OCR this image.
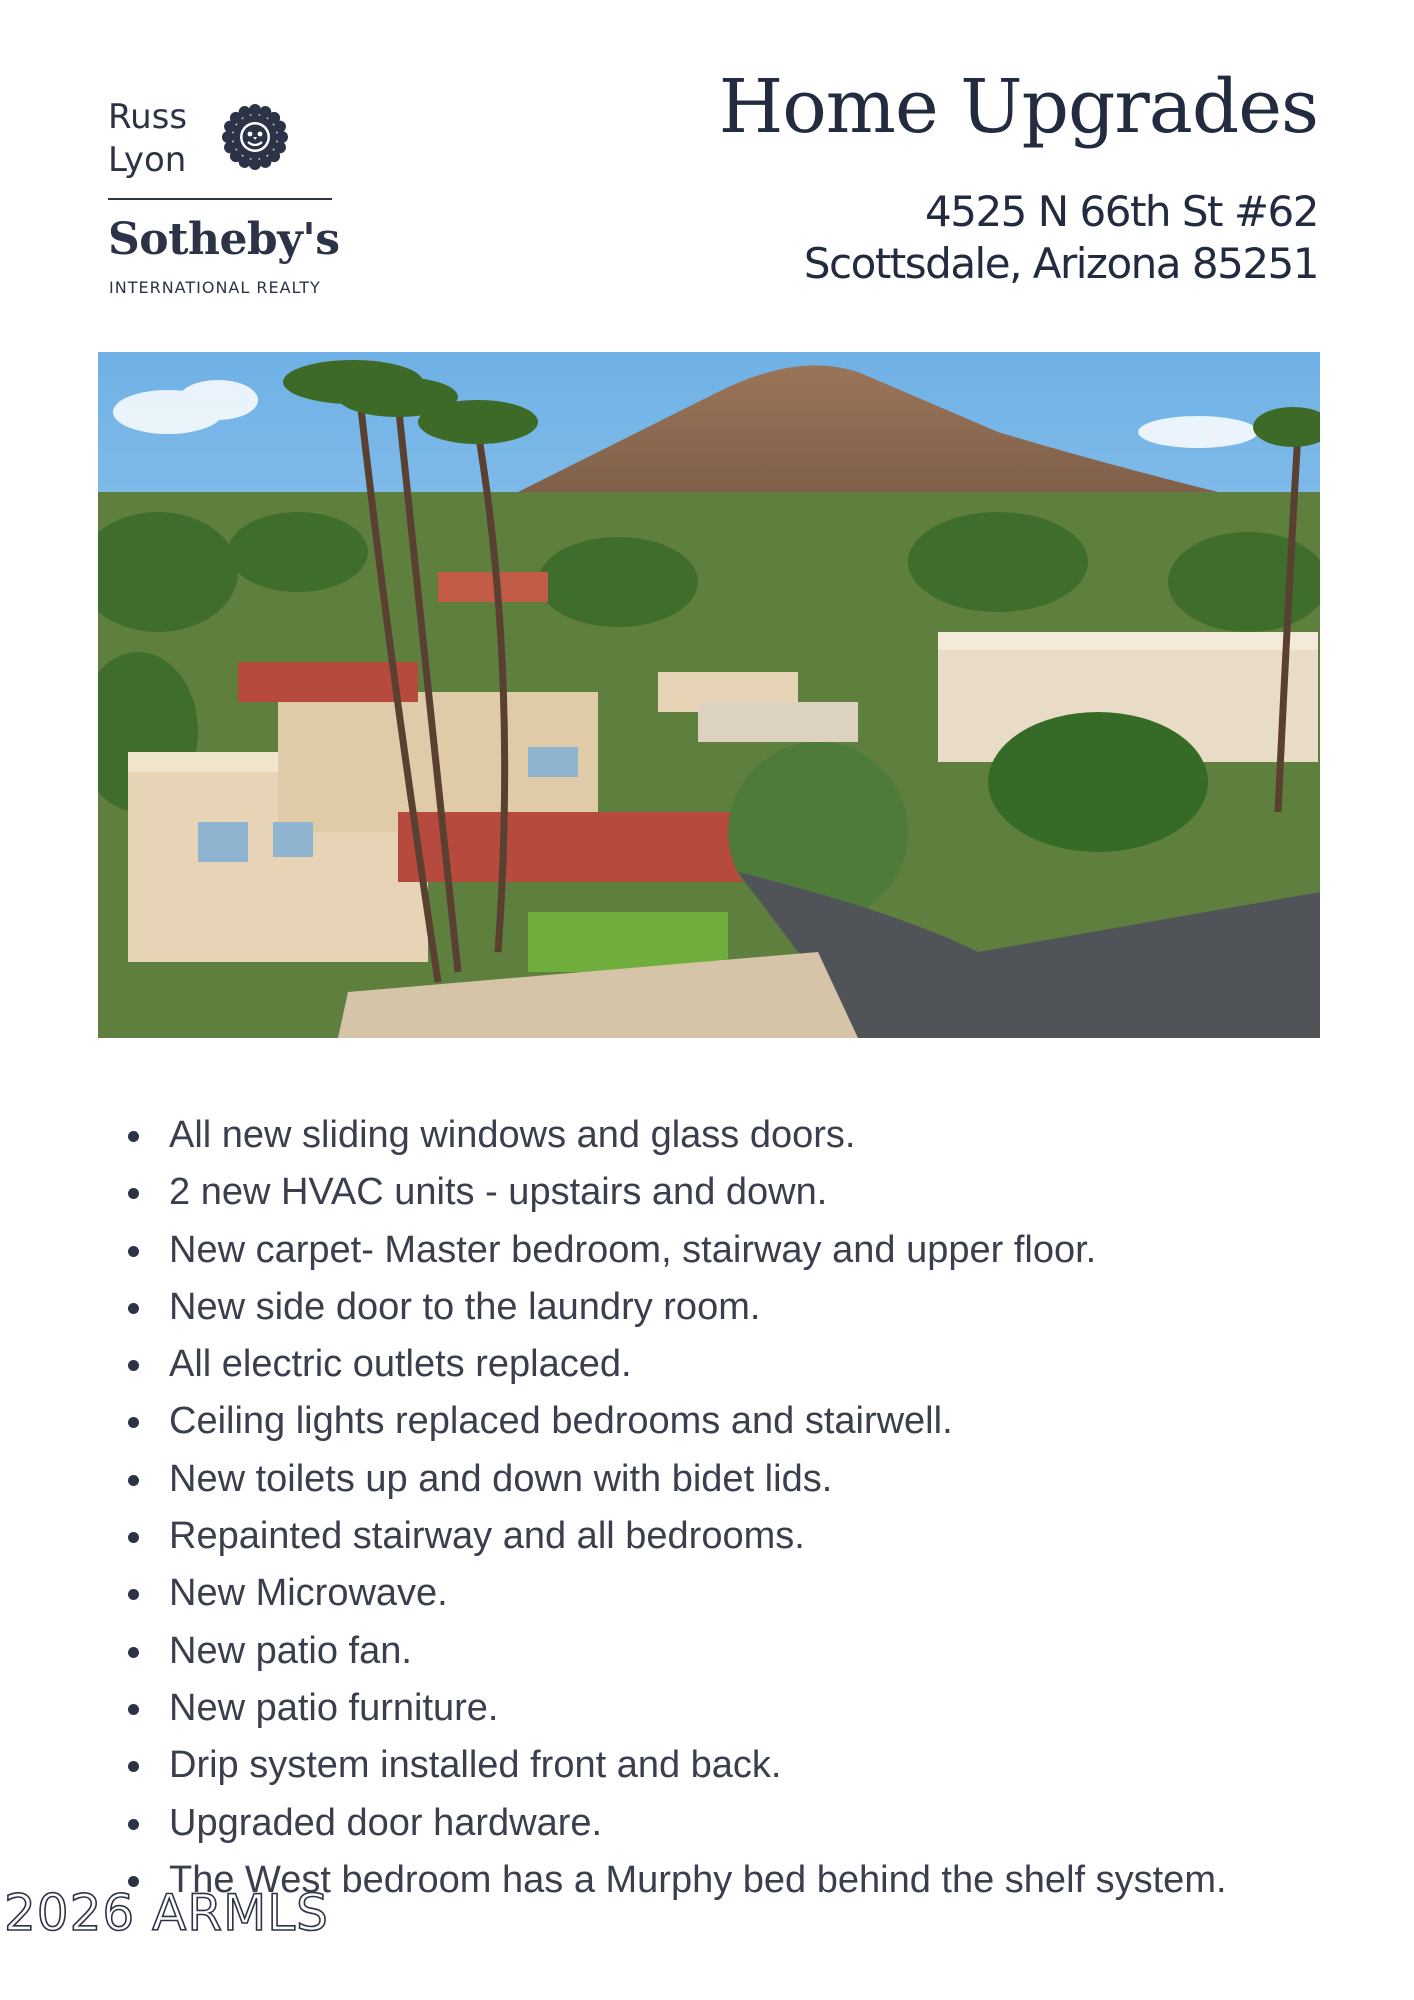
Russ
Lyon
Sotheby's
INTERNATIONAL REALTY
Home Upgrades
4525 N 66th St #62
Scottsdale, Arizona 85251
All new sliding windows and glass doors.
2 new HVAC units - upstairs and down.
New carpet- Master bedroom, stairway and upper floor.
New side door to the laundry room.
All electric outlets replaced.
Ceiling lights replaced bedrooms and stairwell.
New toilets up and down with bidet lids.
Repainted stairway and all bedrooms.
New Microwave.
New patio fan.
New patio furniture.
Drip system installed front and back.
Upgraded door hardware.
The West bedroom has a Murphy bed behind the shelf system.
2026 ARMLS
